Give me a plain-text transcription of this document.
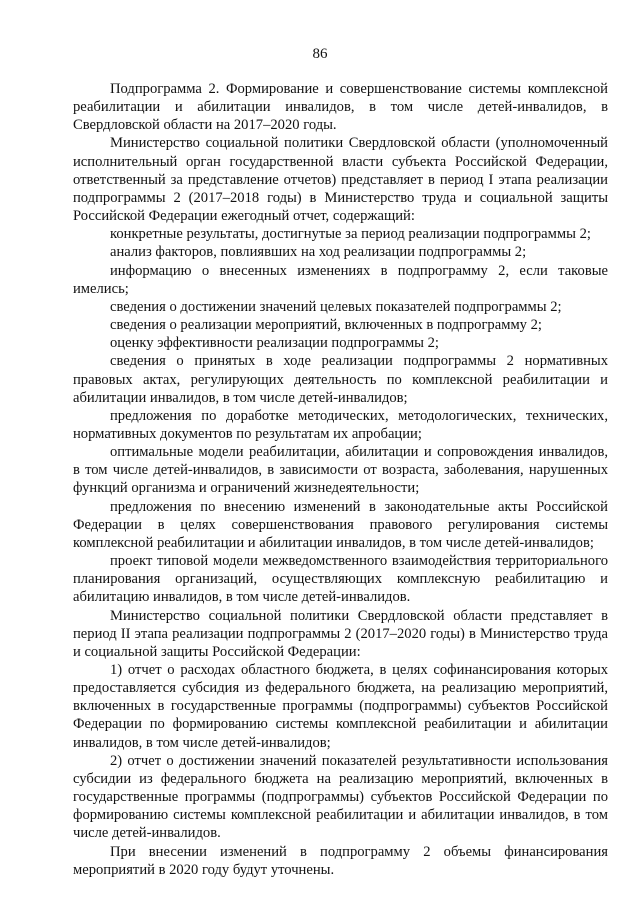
86

Подпрограмма 2. Формирование и совершенствование системы комплексной реабилитации и абилитации инвалидов, в том числе детей-инвалидов, в Свердловской области на 2017–2020 годы.

Министерство социальной политики Свердловской области (уполномоченный исполнительный орган государственной власти субъекта Российской Федерации, ответственный за представление отчетов) представляет в период I этапа реализации подпрограммы 2 (2017–2018 годы) в Министерство труда и социальной защиты Российской Федерации ежегодный отчет, содержащий:

конкретные результаты, достигнутые за период реализации подпрограммы 2;

анализ факторов, повлиявших на ход реализации подпрограммы 2;

информацию о внесенных изменениях в подпрограмму 2, если таковые имелись;

сведения о достижении значений целевых показателей подпрограммы 2;

сведения о реализации мероприятий, включенных в подпрограмму 2;

оценку эффективности реализации подпрограммы 2;

сведения о принятых в ходе реализации подпрограммы 2 нормативных правовых актах, регулирующих деятельность по комплексной реабилитации и абилитации инвалидов, в том числе детей-инвалидов;

предложения по доработке методических, методологических, технических, нормативных документов по результатам их апробации;

оптимальные модели реабилитации, абилитации и сопровождения инвалидов, в том числе детей-инвалидов, в зависимости от возраста, заболевания, нарушенных функций организма и ограничений жизнедеятельности;

предложения по внесению изменений в законодательные акты Российской Федерации в целях совершенствования правового регулирования системы комплексной реабилитации и абилитации инвалидов, в том числе детей-инвалидов;

проект типовой модели межведомственного взаимодействия территориального планирования организаций, осуществляющих комплексную реабилитацию и абилитацию инвалидов, в том числе детей-инвалидов.

Министерство социальной политики Свердловской области представляет в период II этапа реализации подпрограммы 2 (2017–2020 годы) в Министерство труда и социальной защиты Российской Федерации:

1) отчет о расходах областного бюджета, в целях софинансирования которых предоставляется субсидия из федерального бюджета, на реализацию мероприятий, включенных в государственные программы (подпрограммы) субъектов Российской Федерации по формированию системы комплексной реабилитации и абилитации инвалидов, в том числе детей-инвалидов;

2) отчет о достижении значений показателей результативности использования субсидии из федерального бюджета на реализацию мероприятий, включенных в государственные программы (подпрограммы) субъектов Российской Федерации по формированию системы комплексной реабилитации и абилитации инвалидов, в том числе детей-инвалидов.

При внесении изменений в подпрограмму 2 объемы финансирования мероприятий в 2020 году будут уточнены.
